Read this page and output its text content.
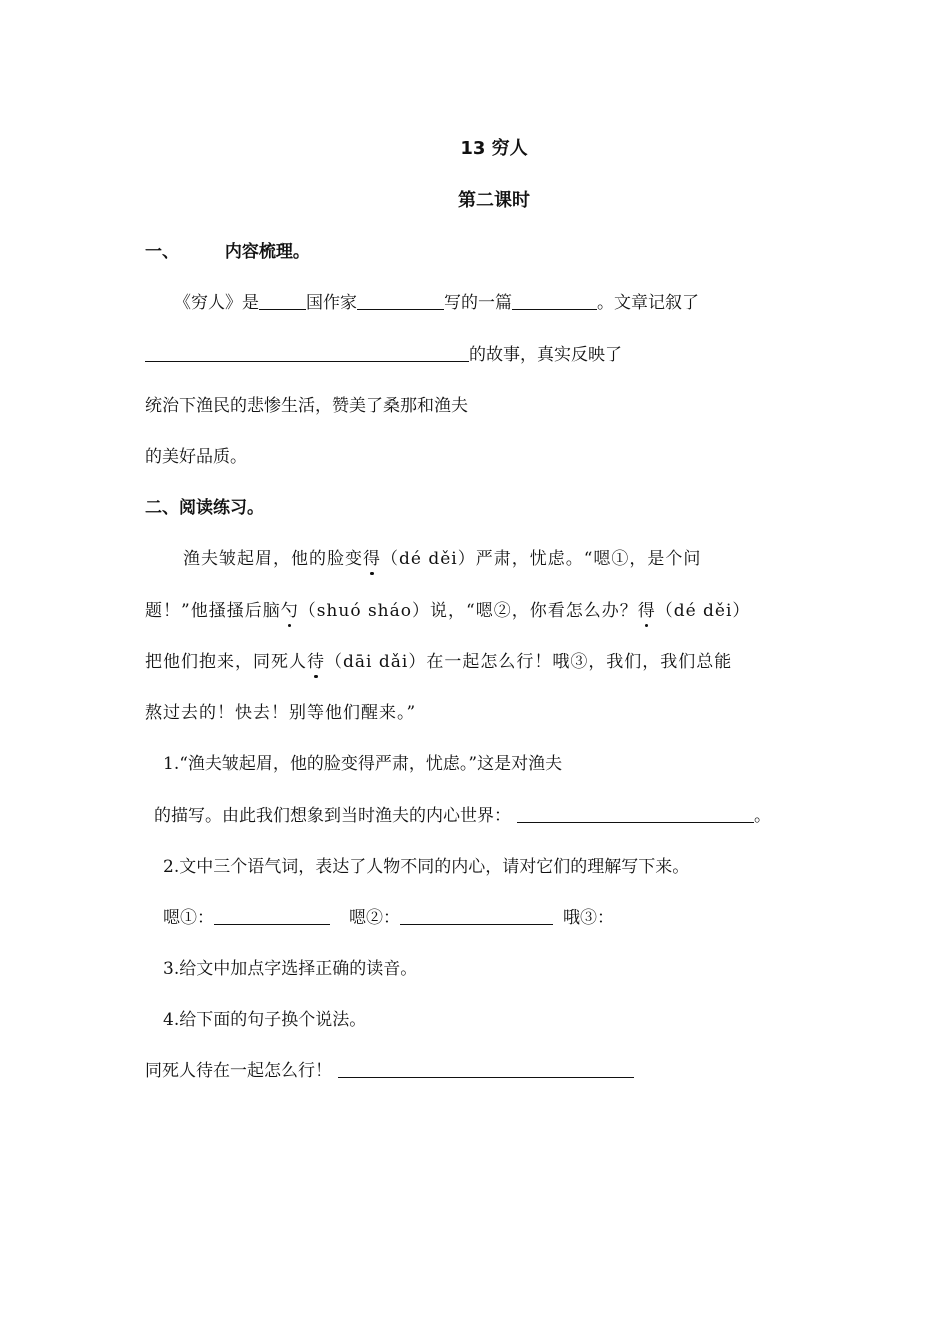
13 穷人
第二课时
一、	内容梳理。
《穷人》是	国作家	写的一篇	。文章记叙了
的故事，真实反映了
统治下渔民的悲惨生活，赞美了桑那和渔夫
的美好品质。
二、阅读练习。
渔夫皱起眉，他的脸变得（dé děi）严肃，忧虑。“嗯①，是个问
题！”他搔搔后脑勺（shuó sháo）说，“嗯②，你看怎么办？得（dé děi）
把他们抱来，同死人待（dāi dǎi）在一起怎么行！哦③，我们，我们总能
熬过去的！快去！别等他们醒来。”
1.“渔夫皱起眉，他的脸变得严肃，忧虑。”这是对渔夫
的描写。由此我们想象到当时渔夫的内心世界：	。
2.文中三个语气词，表达了人物不同的内心，请对它们的理解写下来。
嗯①：	嗯②：	哦③：
3.给文中加点字选择正确的读音。
4.给下面的句子换个说法。
同死人待在一起怎么行！
